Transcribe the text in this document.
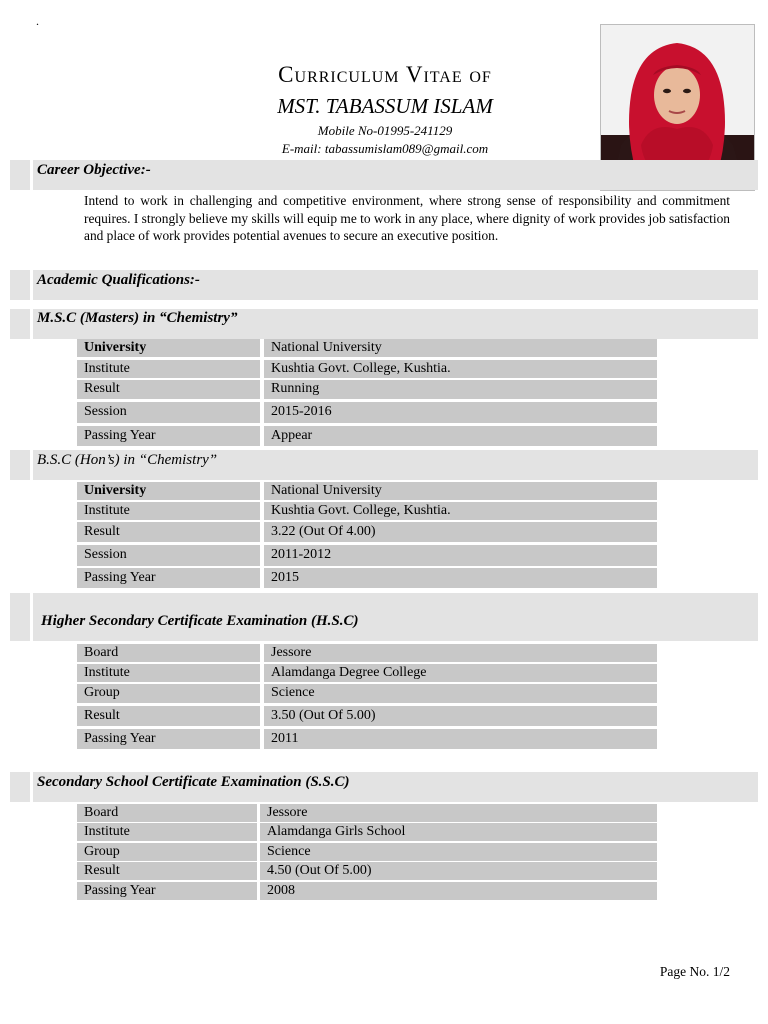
.
Curriculum Vitae of
MST. TABASSUM ISLAM
Mobile No-01995-241129
E-mail: tabassumislam089@gmail.com
Career Objective:-
Intend to work in challenging and competitive environment, where strong sense of responsibility and commitment requires. I strongly believe my skills will equip me to work in any place, where dignity of work provides job satisfaction and place of work provides potential avenues to secure an executive position.
Academic Qualifications:-
M.S.C (Masters) in “Chemistry”
University	National University
Institute	Kushtia Govt. College, Kushtia.
Result	Running
Session	2015-2016
Passing Year	Appear
B.S.C (Hon’s) in “Chemistry”
University	National University
Institute	Kushtia Govt. College, Kushtia.
Result	3.22 (Out Of 4.00)
Session	2011-2012
Passing Year	2015
Higher Secondary Certificate Examination (H.S.C)
Board	Jessore
Institute	Alamdanga Degree College
Group	Science
Result	3.50 (Out Of 5.00)
Passing Year	2011
Secondary School Certificate Examination (S.S.C)
Board	Jessore
Institute	Alamdanga Girls School
Group	Science
Result	4.50 (Out Of 5.00)
Passing Year	2008
Page No. 1/2
